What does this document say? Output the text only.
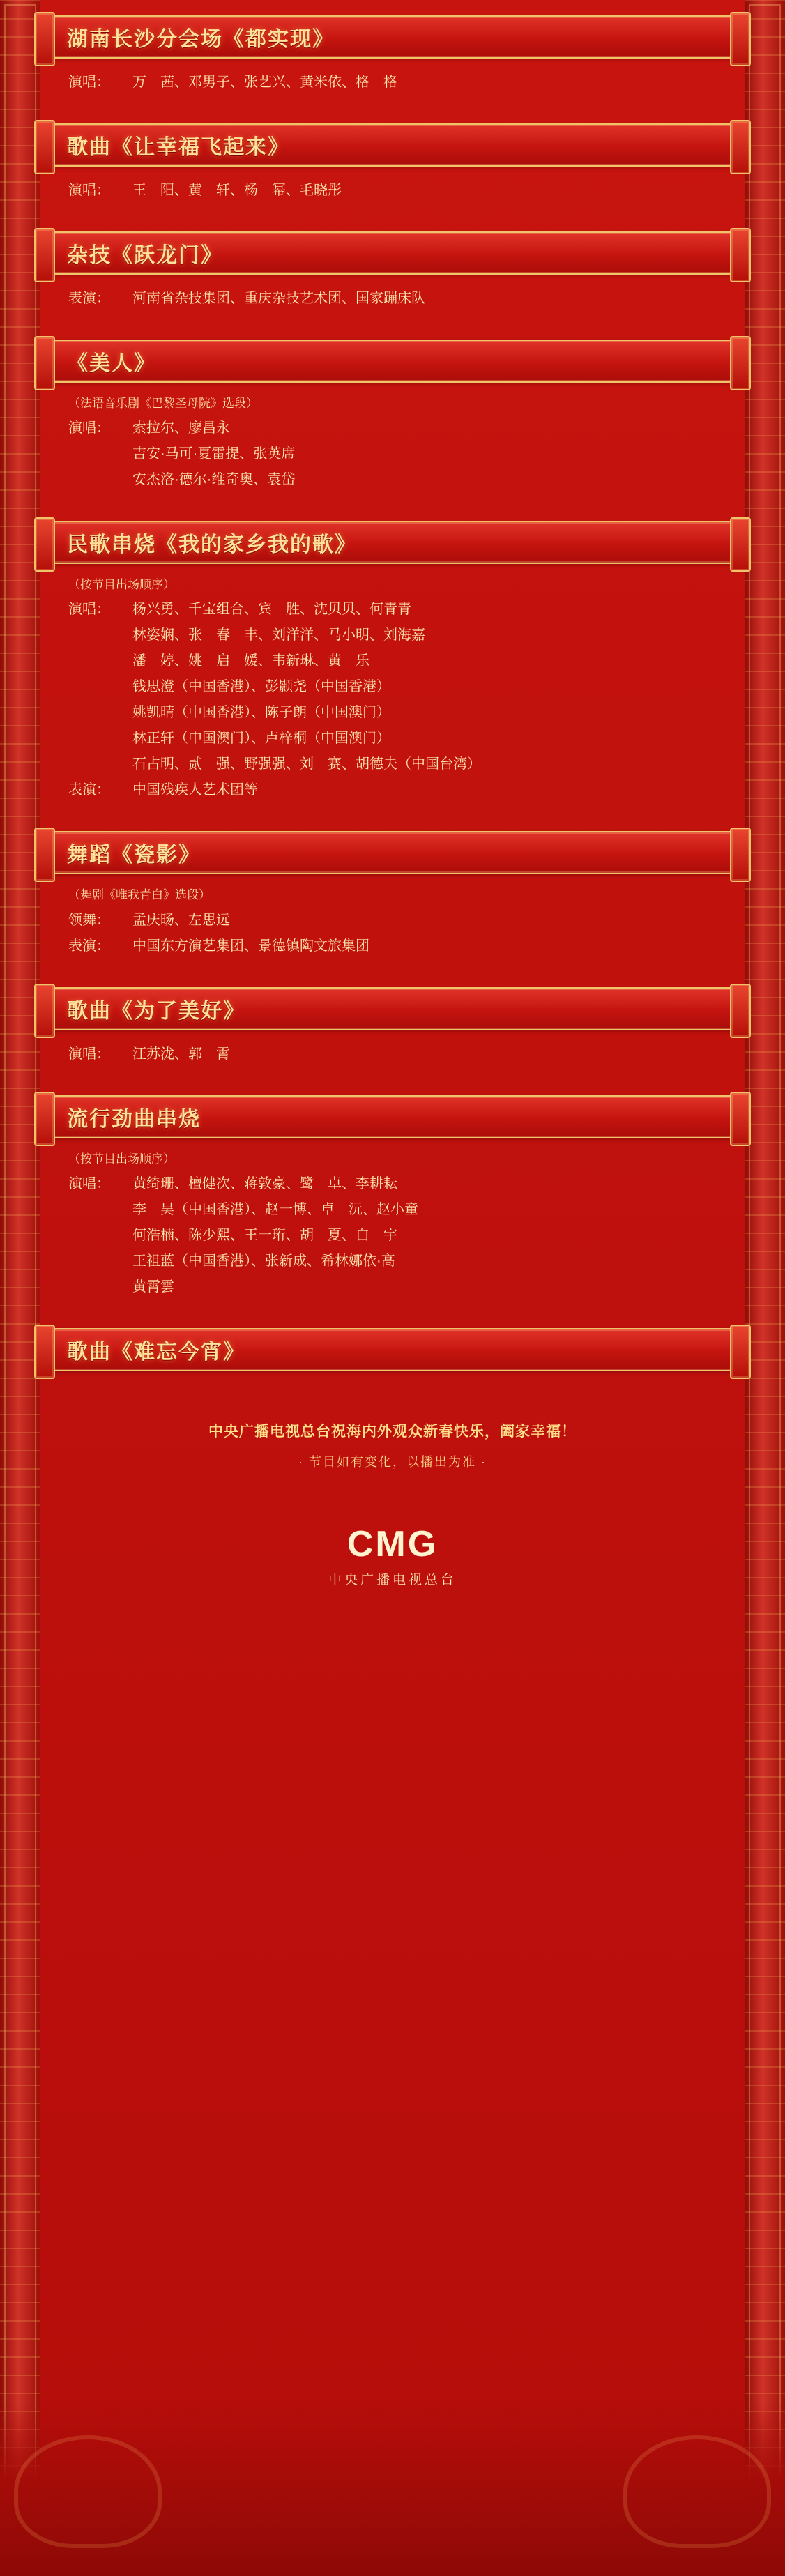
湖南长沙分会场《都实现》
演唱：	万　茜、邓男子、张艺兴、黄米依、格　格
歌曲《让幸福飞起来》
演唱：	王　阳、黄　轩、杨　幂、毛晓彤
杂技《跃龙门》
表演：	河南省杂技集团、重庆杂技艺术团、国家蹦床队
《美人》
（法语音乐剧《巴黎圣母院》选段）
演唱：	索拉尔、廖昌永
吉安·马可·夏雷提、张英席
安杰洛·德尔·维奇奥、袁岱
民歌串烧《我的家乡我的歌》
（按节目出场顺序）
演唱：	杨兴勇、千宝组合、宾　胜、沈贝贝、何青青
林姿娴、张　春　丰、刘洋洋、马小明、刘海嘉
潘　婷、姚　启　媛、韦新琳、黄　乐
钱思澄（中国香港）、彭颢尧（中国香港）
姚凯晴（中国香港）、陈子朗（中国澳门）
林正轩（中国澳门）、卢梓桐（中国澳门）
石占明、贰　强、野强强、刘　赛、胡德夫（中国台湾）
表演：	中国残疾人艺术团等
舞蹈《瓷影》
（舞剧《唯我青白》选段）
领舞：	孟庆旸、左思远
表演：	中国东方演艺集团、景德镇陶文旅集团
歌曲《为了美好》
演唱：	汪苏泷、郭　霄
流行劲曲串烧
（按节目出场顺序）
演唱：	黄绮珊、檀健次、蒋敦豪、鹭　卓、李耕耘
李　昊（中国香港）、赵一博、卓　沅、赵小童
何浩楠、陈少熙、王一珩、胡　夏、白　宇
王祖蓝（中国香港）、张新成、希林娜依·高
黄霄雲
歌曲《难忘今宵》
中央广播电视总台祝海内外观众新春快乐，阖家幸福！
· 节目如有变化，以播出为准 ·
CMG
中央广播电视总台
